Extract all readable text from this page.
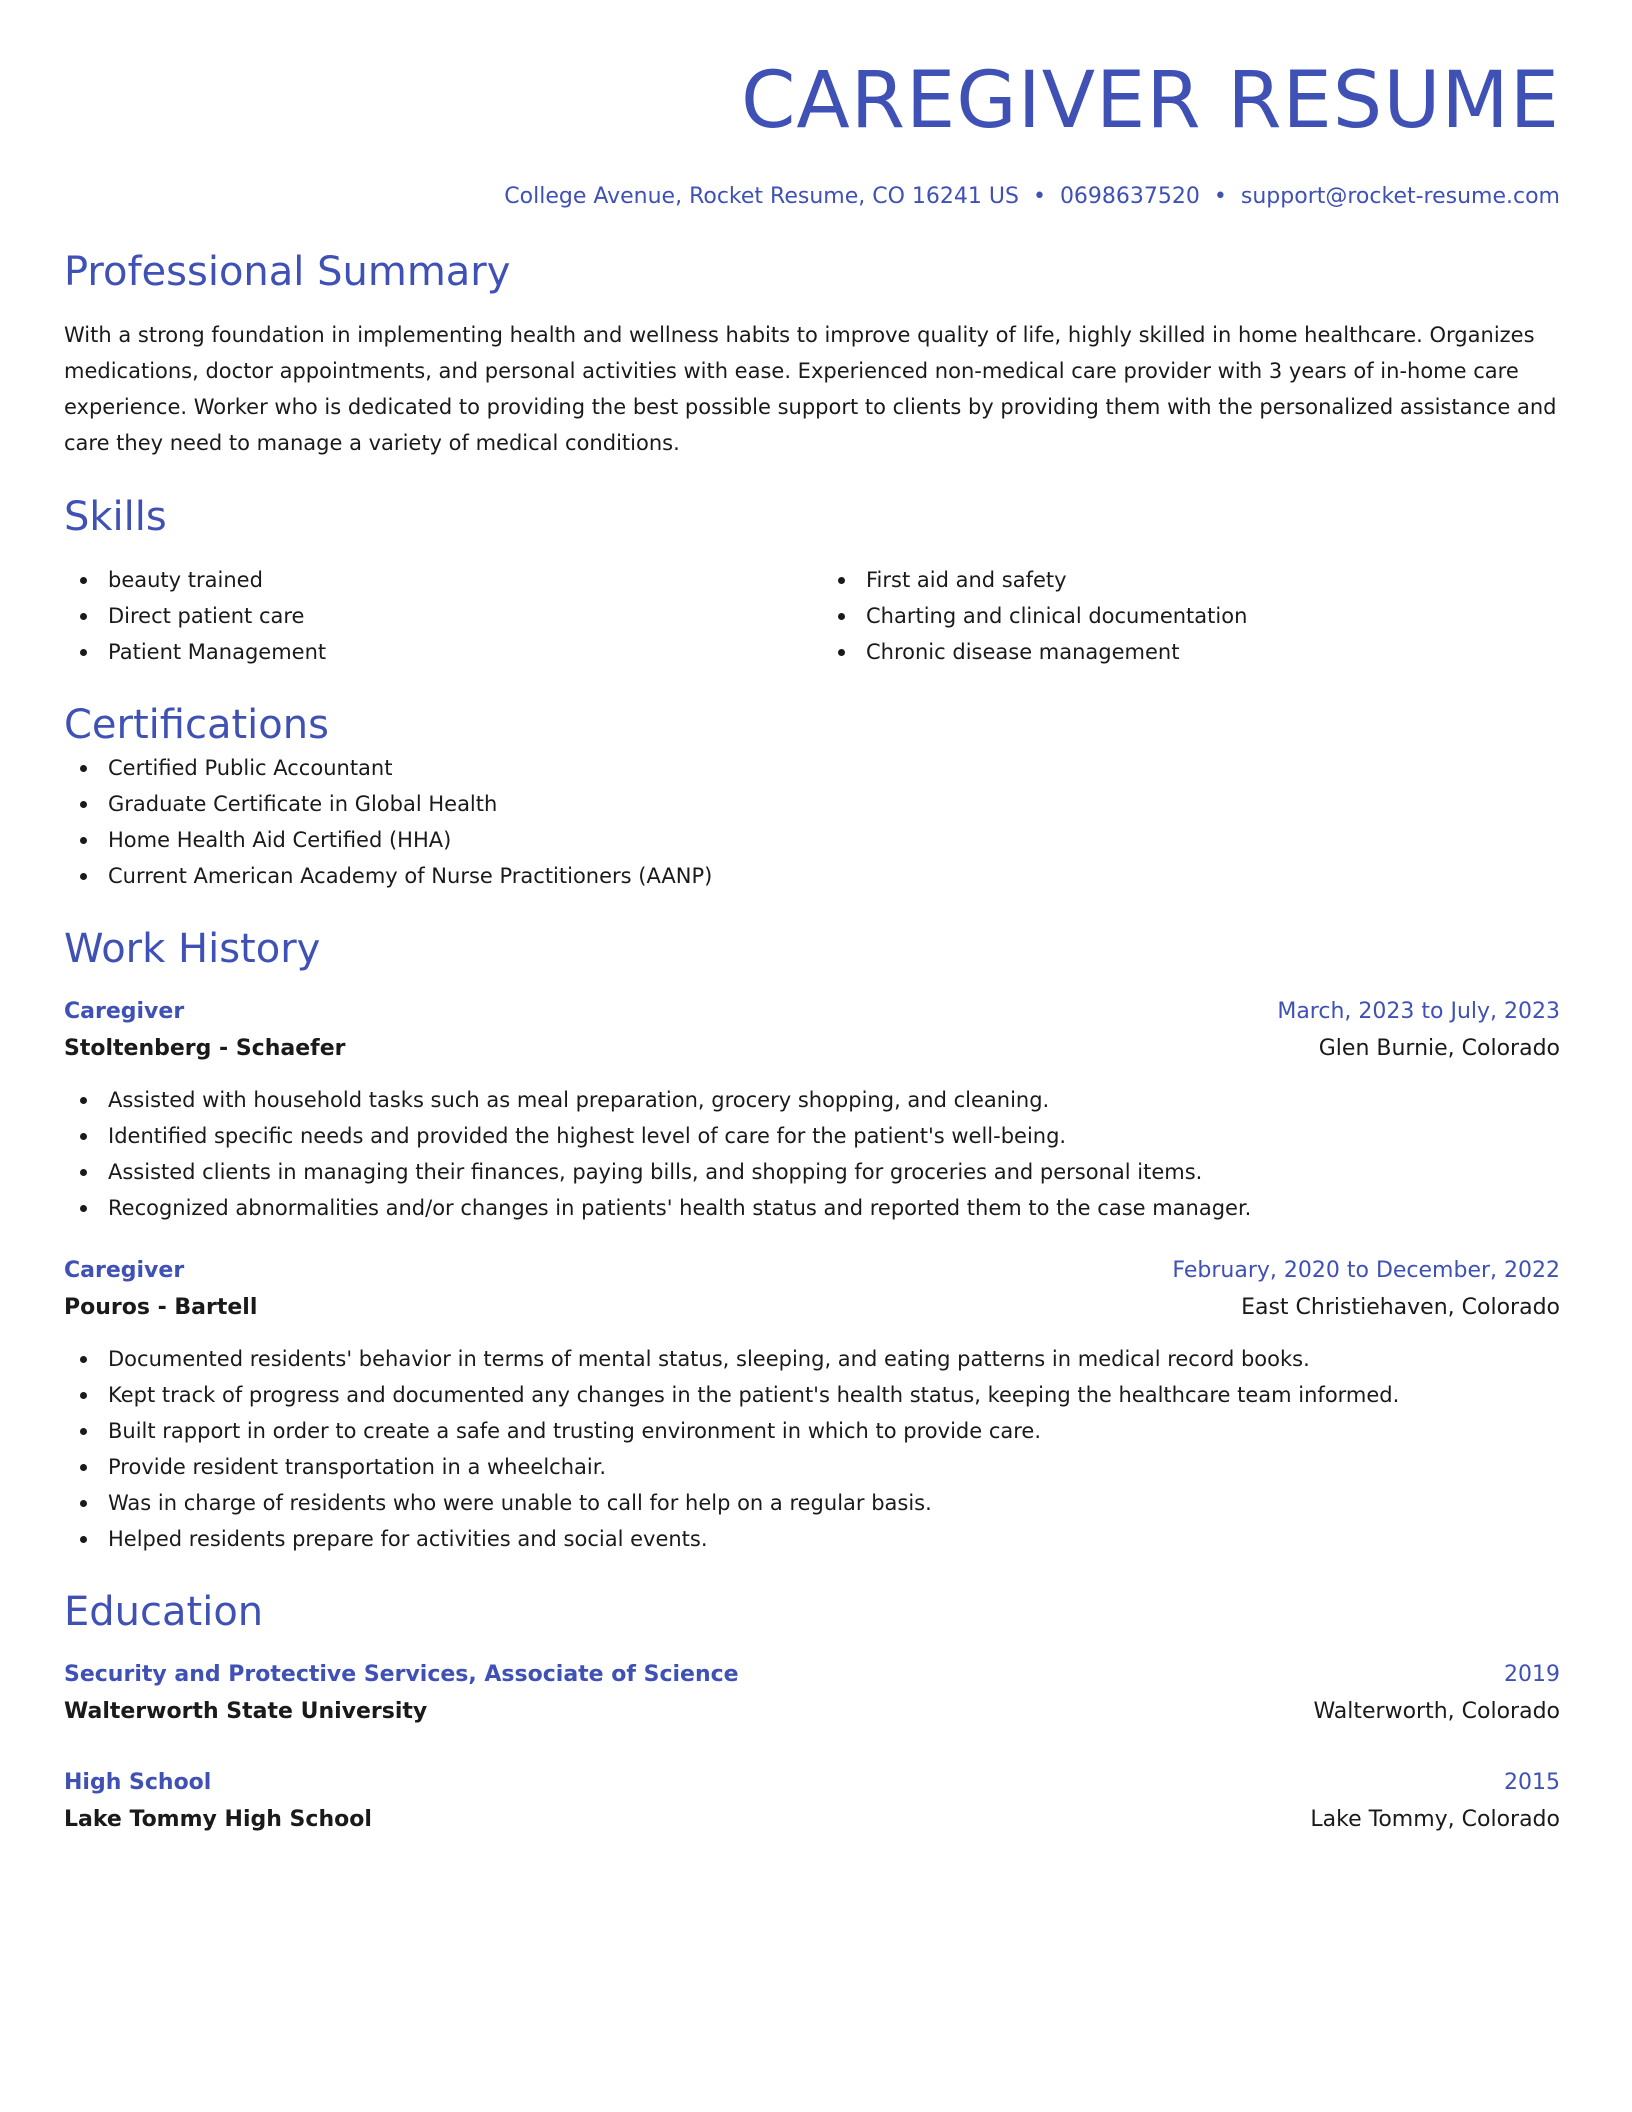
CAREGIVER RESUME
College Avenue, Rocket Resume, CO 16241 US • 0698637520 • support@rocket-resume.com
Professional Summary
With a strong foundation in implementing health and wellness habits to improve quality of life, highly skilled in home healthcare. Organizes medications, doctor appointments, and personal activities with ease. Experienced non-medical care provider with 3 years of in-home care experience. Worker who is dedicated to providing the best possible support to clients by providing them with the personalized assistance and care they need to manage a variety of medical conditions.
Skills
beauty trained
Direct patient care
Patient Management
First aid and safety
Charting and clinical documentation
Chronic disease management
Certifications
Certified Public Accountant
Graduate Certificate in Global Health
Home Health Aid Certified (HHA)
Current American Academy of Nurse Practitioners (AANP)
Work History
Caregiver	March, 2023 to July, 2023
Stoltenberg - Schaefer	Glen Burnie, Colorado
Assisted with household tasks such as meal preparation, grocery shopping, and cleaning.
Identified specific needs and provided the highest level of care for the patient's well-being.
Assisted clients in managing their finances, paying bills, and shopping for groceries and personal items.
Recognized abnormalities and/or changes in patients' health status and reported them to the case manager.
Caregiver	February, 2020 to December, 2022
Pouros - Bartell	East Christiehaven, Colorado
Documented residents' behavior in terms of mental status, sleeping, and eating patterns in medical record books.
Kept track of progress and documented any changes in the patient's health status, keeping the healthcare team informed.
Built rapport in order to create a safe and trusting environment in which to provide care.
Provide resident transportation in a wheelchair.
Was in charge of residents who were unable to call for help on a regular basis.
Helped residents prepare for activities and social events.
Education
Security and Protective Services, Associate of Science	2019
Walterworth State University	Walterworth, Colorado
High School	2015
Lake Tommy High School	Lake Tommy, Colorado
